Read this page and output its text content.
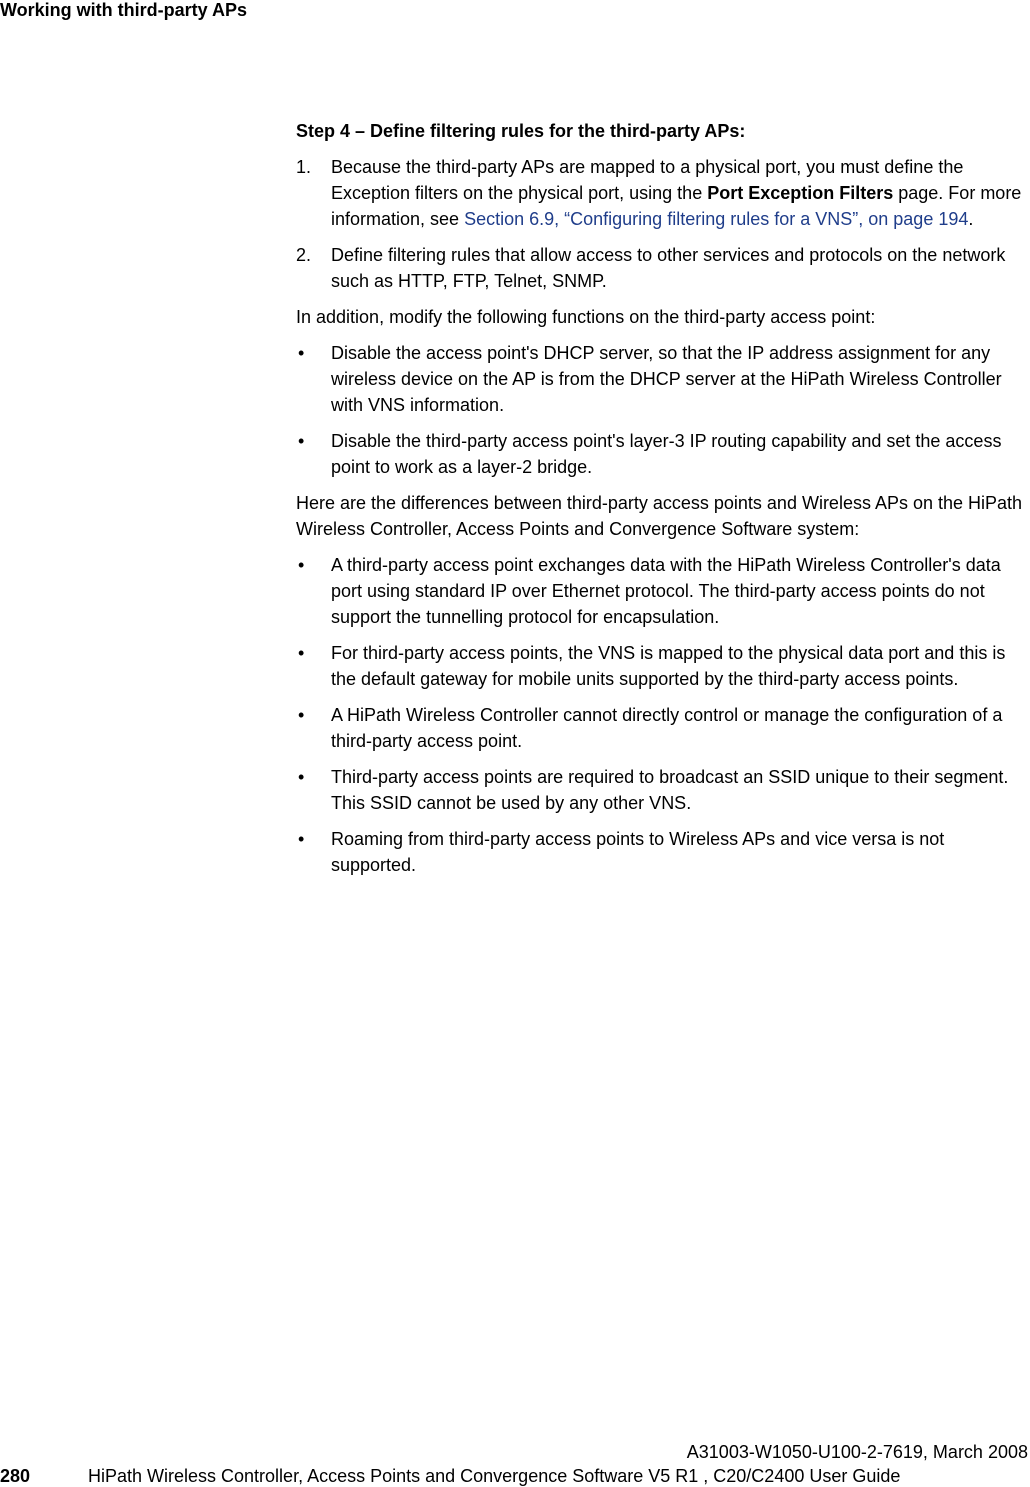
Working with third-party APs

Step 4 – Define filtering rules for the third-party APs:

1. Because the third-party APs are mapped to a physical port, you must define the Exception filters on the physical port, using the Port Exception Filters page. For more information, see Section 6.9, “Configuring filtering rules for a VNS”, on page 194.
2. Define filtering rules that allow access to other services and protocols on the network such as HTTP, FTP, Telnet, SNMP.

In addition, modify the following functions on the third-party access point:

• Disable the access point's DHCP server, so that the IP address assignment for any wireless device on the AP is from the DHCP server at the HiPath Wireless Controller with VNS information.
• Disable the third-party access point's layer-3 IP routing capability and set the access point to work as a layer-2 bridge.

Here are the differences between third-party access points and Wireless APs on the HiPath Wireless Controller, Access Points and Convergence Software system:

• A third-party access point exchanges data with the HiPath Wireless Controller's data port using standard IP over Ethernet protocol. The third-party access points do not support the tunnelling protocol for encapsulation.
• For third-party access points, the VNS is mapped to the physical data port and this is the default gateway for mobile units supported by the third-party access points.
• A HiPath Wireless Controller cannot directly control or manage the configuration of a third-party access point.
• Third-party access points are required to broadcast an SSID unique to their segment. This SSID cannot be used by any other VNS.
• Roaming from third-party access points to Wireless APs and vice versa is not supported.
A31003-W1050-U100-2-7619, March 2008
280	HiPath Wireless Controller, Access Points and Convergence Software V5 R1 , C20/C2400 User Guide
